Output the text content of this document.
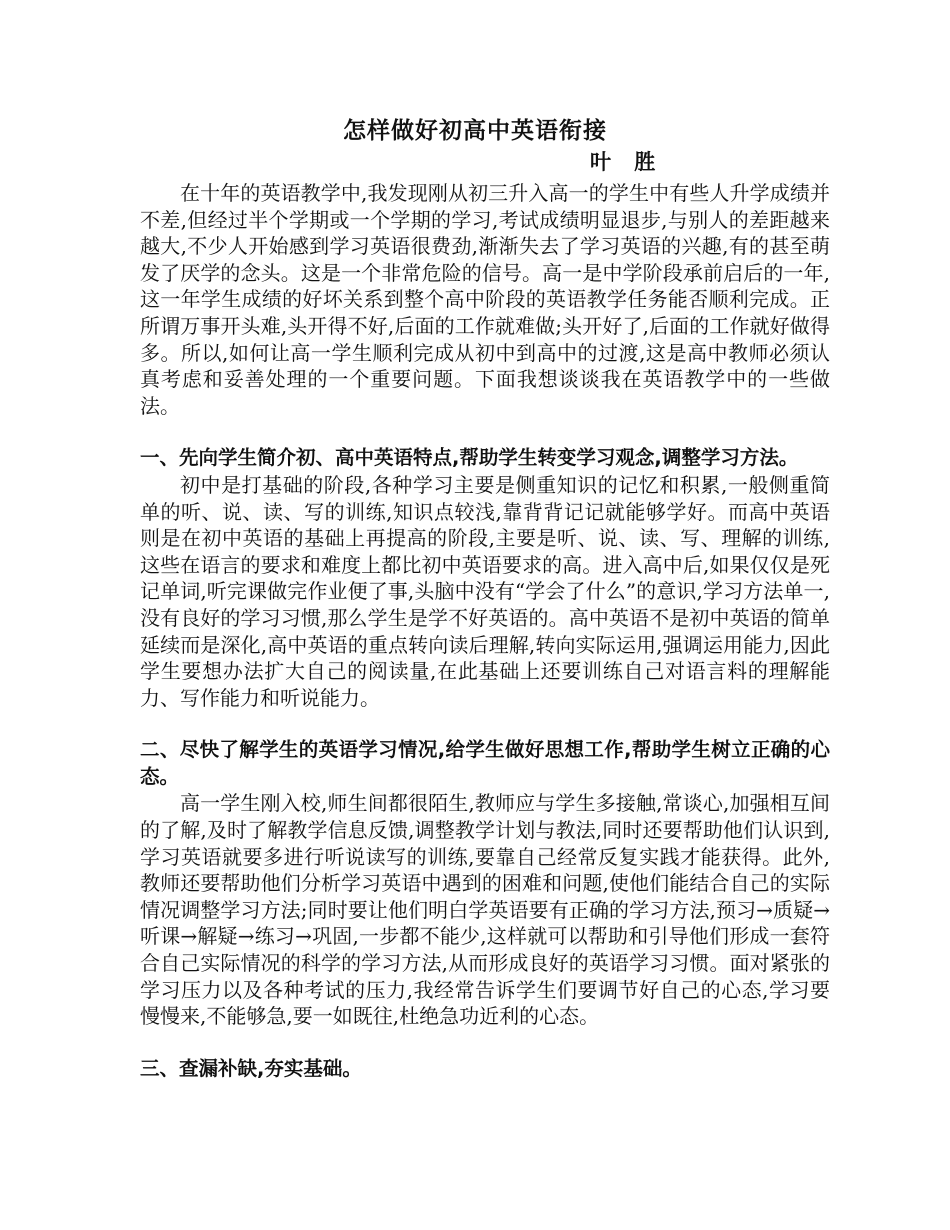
怎样做好初高中英语衔接
叶 胜

在十年的英语教学中,我发现刚从初三升入高一的学生中有些人升学成绩并不差,但经过半个学期或一个学期的学习,考试成绩明显退步,与别人的差距越来越大,不少人开始感到学习英语很费劲,渐渐失去了学习英语的兴趣,有的甚至萌发了厌学的念头。这是一个非常危险的信号。高一是中学阶段承前启后的一年,这一年学生成绩的好坏关系到整个高中阶段的英语教学任务能否顺利完成。正所谓万事开头难,头开得不好,后面的工作就难做;头开好了,后面的工作就好做得多。所以,如何让高一学生顺利完成从初中到高中的过渡,这是高中教师必须认真考虑和妥善处理的一个重要问题。下面我想谈谈我在英语教学中的一些做法。

一、先向学生简介初、高中英语特点,帮助学生转变学习观念,调整学习方法。

初中是打基础的阶段,各种学习主要是侧重知识的记忆和积累,一般侧重简单的听、说、读、写的训练,知识点较浅,靠背背记记就能够学好。而高中英语则是在初中英语的基础上再提高的阶段,主要是听、说、读、写、理解的训练,这些在语言的要求和难度上都比初中英语要求的高。进入高中后,如果仅仅是死记单词,听完课做完作业便了事,头脑中没有“学会了什么”的意识,学习方法单一,没有良好的学习习惯,那么学生是学不好英语的。高中英语不是初中英语的简单延续而是深化,高中英语的重点转向读后理解,转向实际运用,强调运用能力,因此学生要想办法扩大自己的阅读量,在此基础上还要训练自己对语言料的理解能力、写作能力和听说能力。

二、尽快了解学生的英语学习情况,给学生做好思想工作,帮助学生树立正确的心态。

高一学生刚入校,师生间都很陌生,教师应与学生多接触,常谈心,加强相互间的了解,及时了解教学信息反馈,调整教学计划与教法,同时还要帮助他们认识到,学习英语就要多进行听说读写的训练,要靠自己经常反复实践才能获得。此外,教师还要帮助他们分析学习英语中遇到的困难和问题,使他们能结合自己的实际情况调整学习方法;同时要让他们明白学英语要有正确的学习方法,预习→质疑→听课→解疑→练习→巩固,一步都不能少,这样就可以帮助和引导他们形成一套符合自己实际情况的科学的学习方法,从而形成良好的英语学习习惯。面对紧张的学习压力以及各种考试的压力,我经常告诉学生们要调节好自己的心态,学习要慢慢来,不能够急,要一如既往,杜绝急功近利的心态。

三、查漏补缺,夯实基础。
